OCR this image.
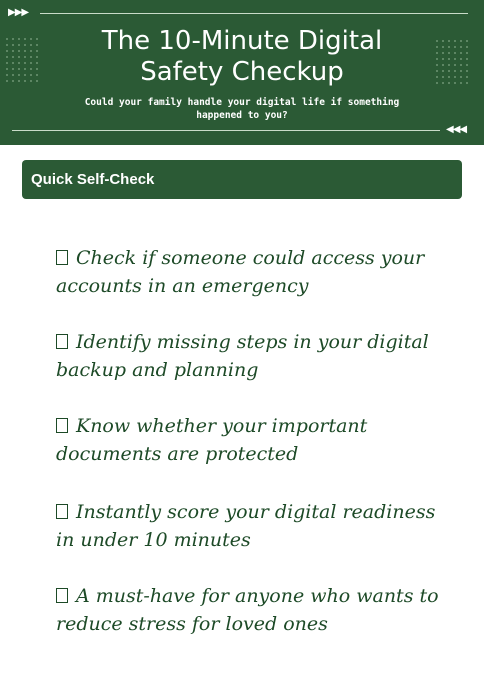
▶▶▶
The 10-Minute Digital Safety Checkup

Could your family handle your digital life if something happened to you?

◀◀◀
Quick Self-Check
Check if someone could access your accounts in an emergency
Identify missing steps in your digital backup and planning
Know whether your important documents are protected
Instantly score your digital readiness in under 10 minutes
A must-have for anyone who wants to reduce stress for loved ones
